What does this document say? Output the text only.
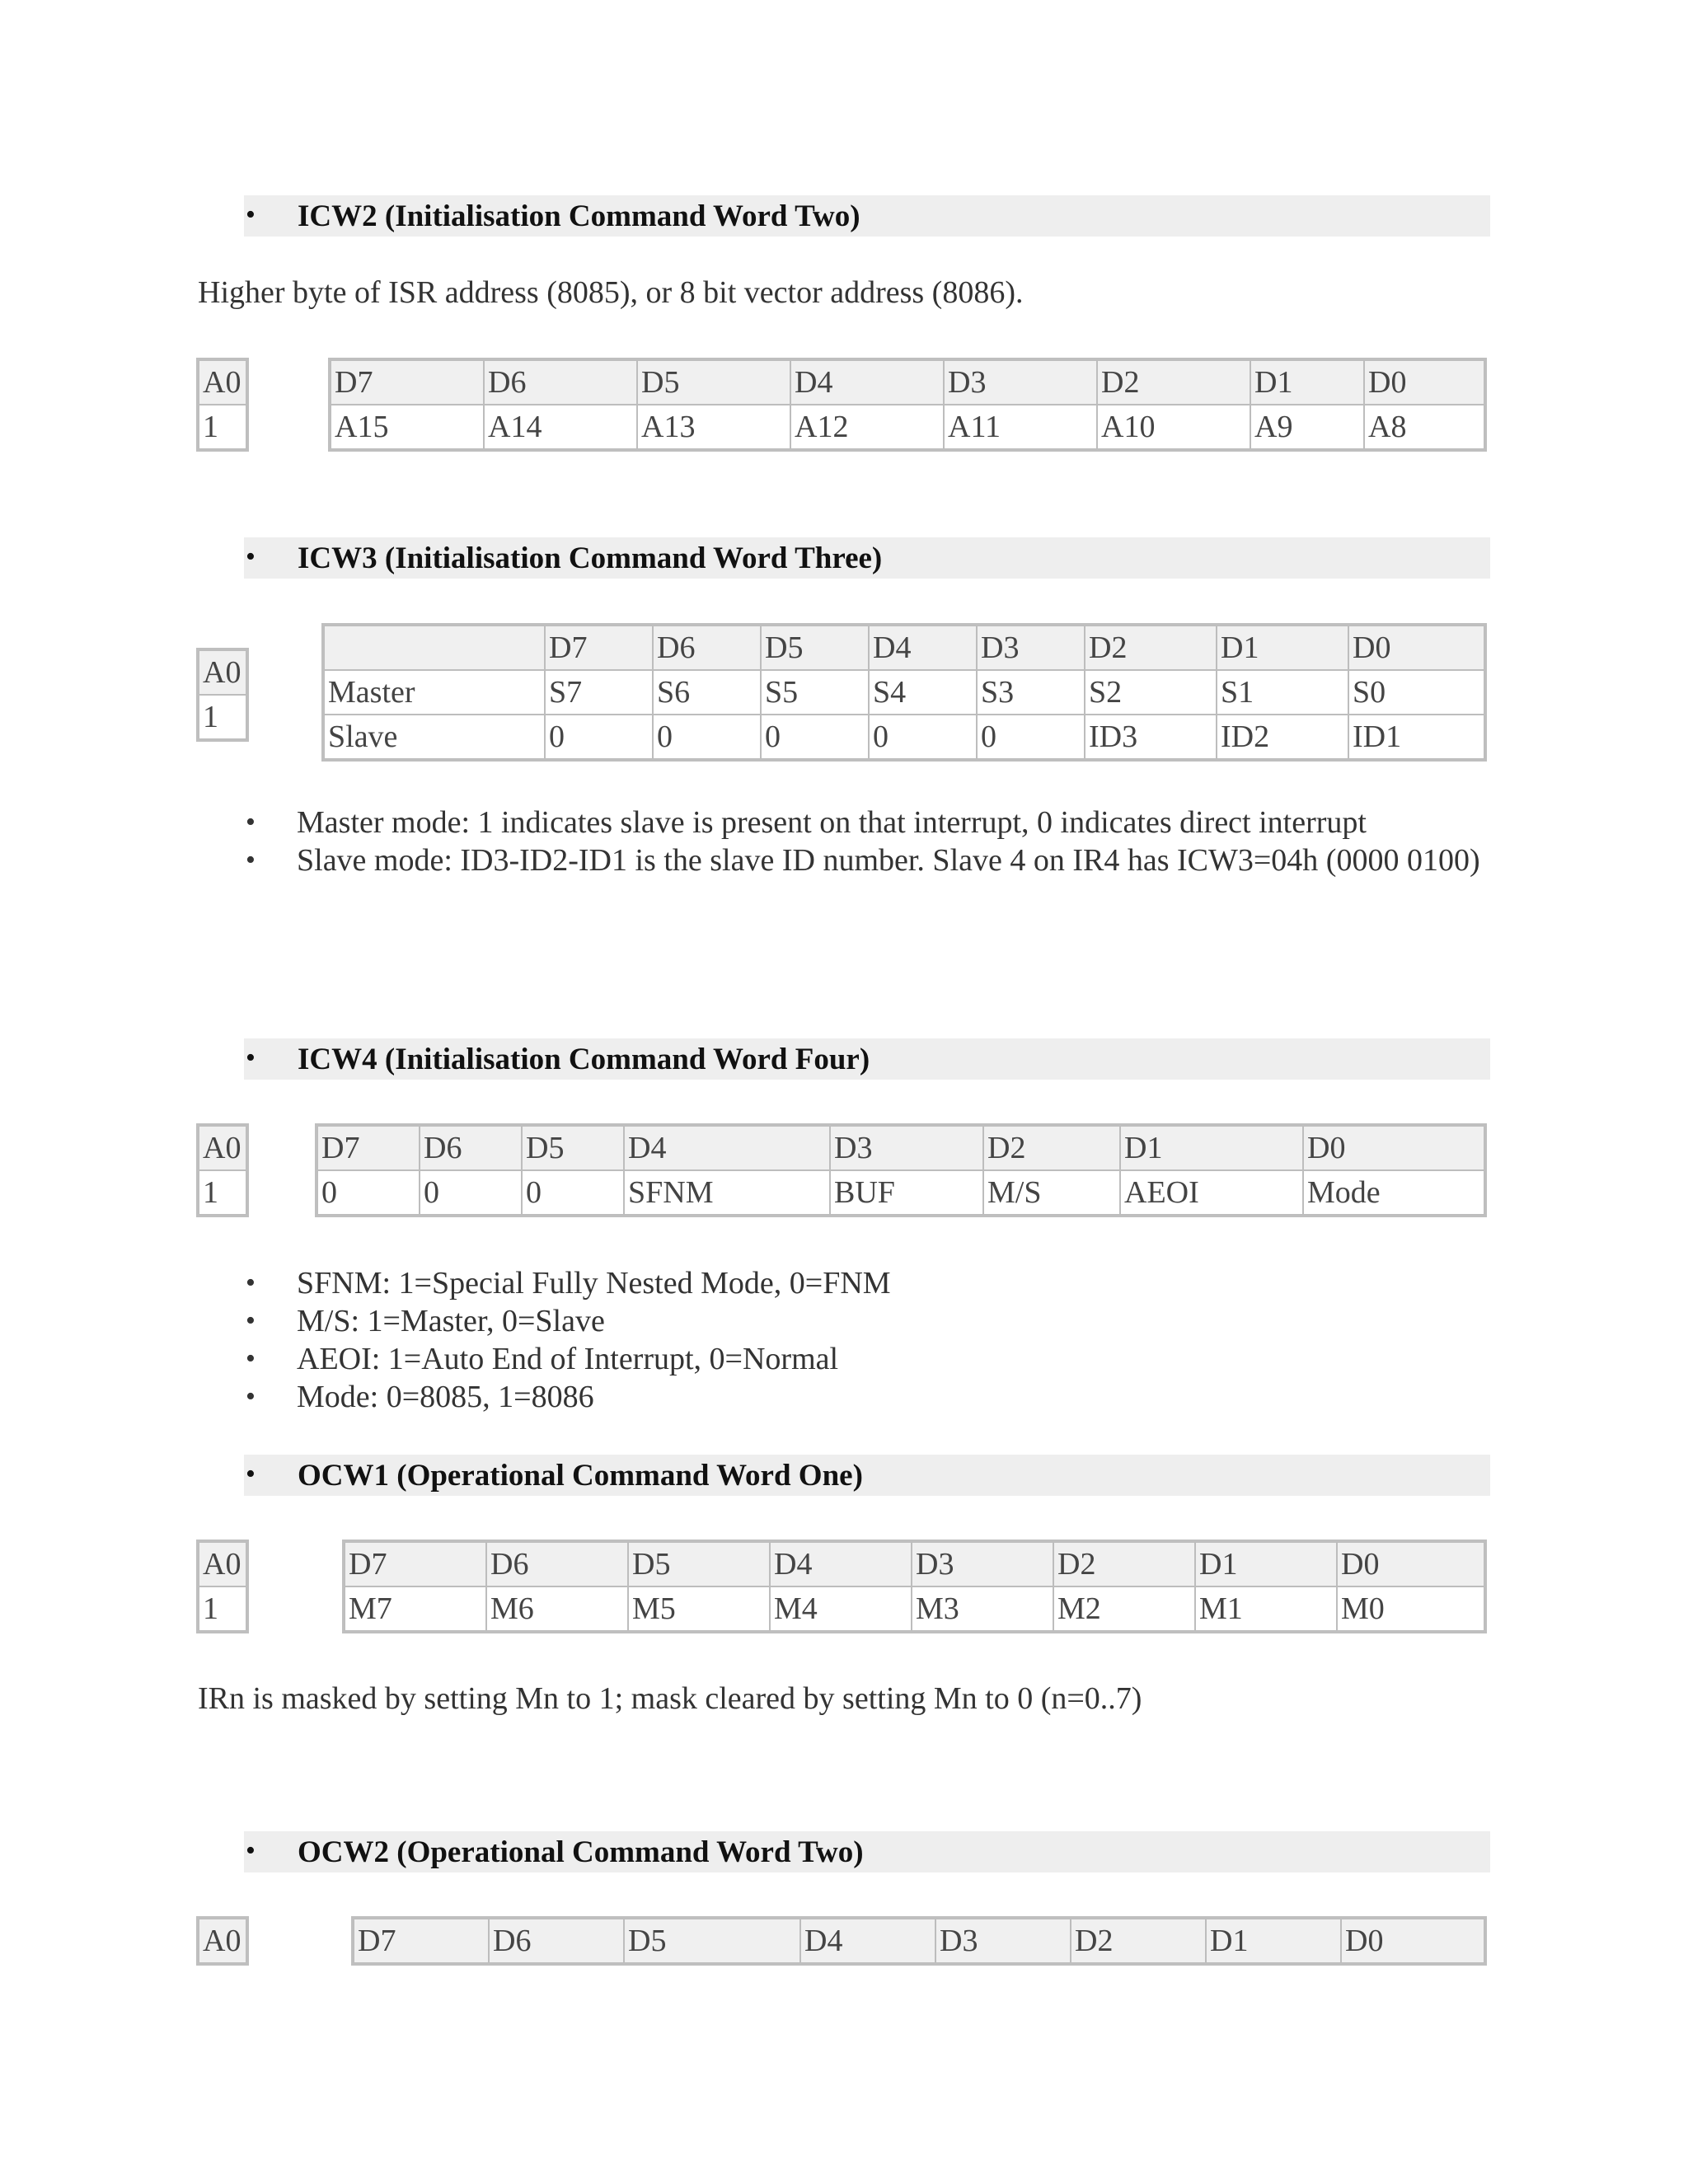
• ICW2 (Initialisation Command Word Two)
Higher byte of ISR address (8085), or 8 bit vector address (8086).
A0
1
D7	D6	D5	D4	D3	D2	D1	D0
A15	A14	A13	A12	A11	A10	A9	A8
• ICW3 (Initialisation Command Word Three)
A0
1
	D7	D6	D5	D4	D3	D2	D1	D0
Master	S7	S6	S5	S4	S3	S2	S1	S0
Slave	0	0	0	0	0	ID3	ID2	ID1
• Master mode: 1 indicates slave is present on that interrupt, 0 indicates direct interrupt
• Slave mode: ID3-ID2-ID1 is the slave ID number. Slave 4 on IR4 has ICW3=04h (0000 0100)
• ICW4 (Initialisation Command Word Four)
A0
1
D7	D6	D5	D4	D3	D2	D1	D0
0	0	0	SFNM	BUF	M/S	AEOI	Mode
• SFNM: 1=Special Fully Nested Mode, 0=FNM
• M/S: 1=Master, 0=Slave
• AEOI: 1=Auto End of Interrupt, 0=Normal
• Mode: 0=8085, 1=8086
• OCW1 (Operational Command Word One)
A0
1
D7	D6	D5	D4	D3	D2	D1	D0
M7	M6	M5	M4	M3	M2	M1	M0
IRn is masked by setting Mn to 1; mask cleared by setting Mn to 0 (n=0..7)
• OCW2 (Operational Command Word Two)
A0	D7	D6	D5	D4	D3	D2	D1	D0
